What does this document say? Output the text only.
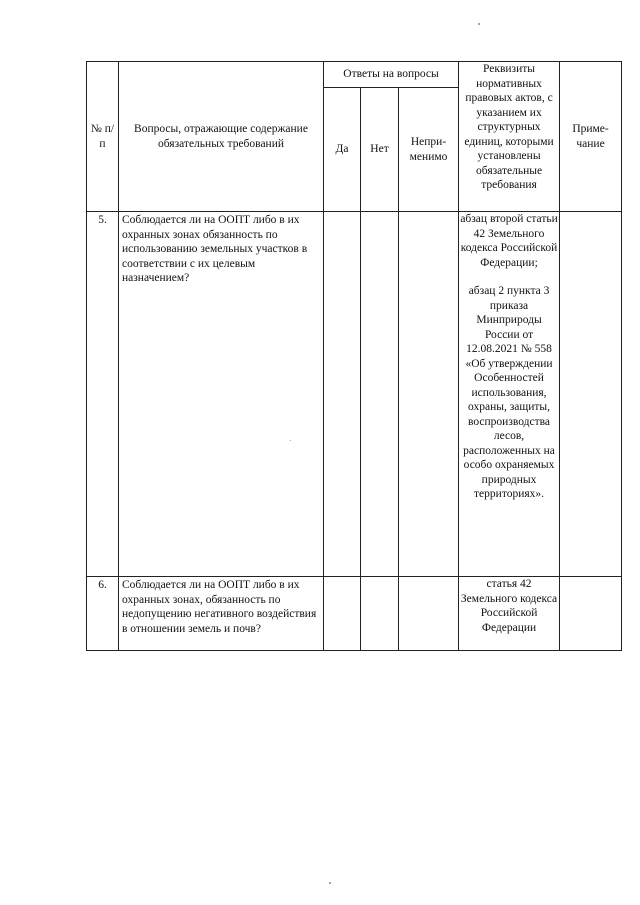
№ п/п	Вопросы, отражающие содержание обязательных требований	Ответы на вопросы			Реквизиты нормативных правовых актов, с указанием их структурных единиц, которыми установлены обязательные требования	Приме-чание
		Да	Нет	Непри-менимо		
5.	Соблюдается ли на ООПТ либо в их охранных зонах обязанность по использованию земельных участков в соответствии с их целевым назначением?				абзац второй статьи 42 Земельного кодекса Российской Федерации;
абзац 2 пункта 3 приказа Минприроды России от 12.08.2021 № 558 «Об утверждении Особенностей использования, охраны, защиты, воспроизводства лесов, расположенных на особо охраняемых природных территориях».	

6.	Соблюдается ли на ООПТ либо в их охранных зонах, обязанность по недопущению негативного воздействия в отношении земель и почв?				статья 42 Земельного кодекса Российской Федерации	
